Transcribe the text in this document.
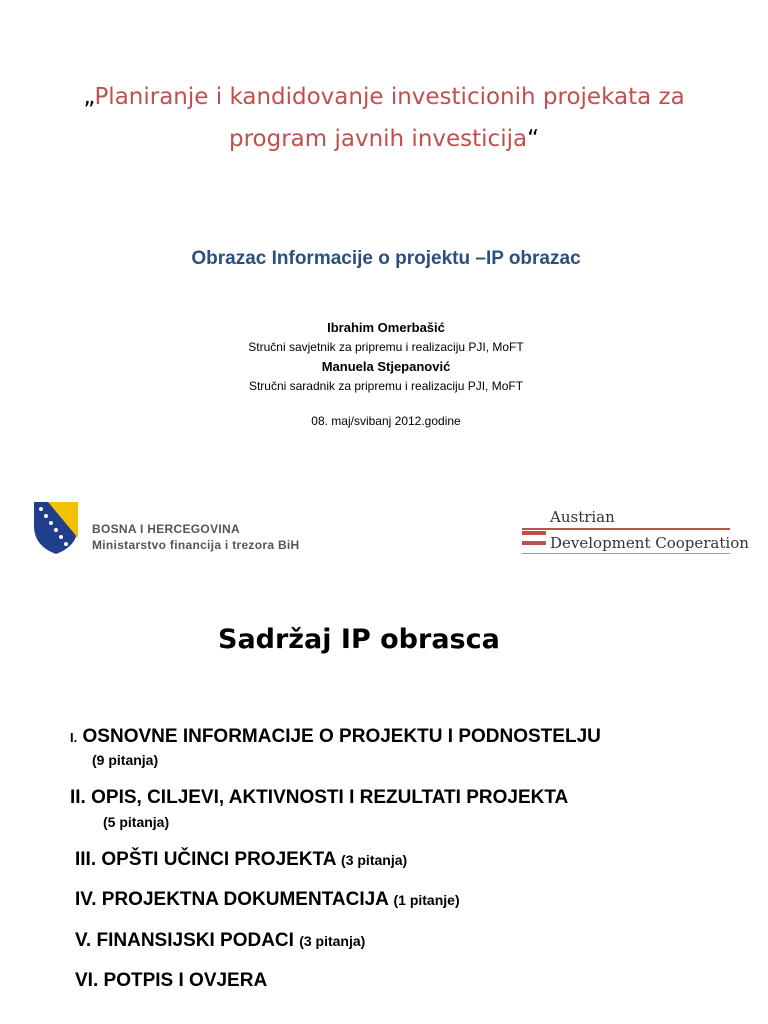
„Planiranje i kandidovanje investicionih projekata za
program javnih investicija“
Obrazac Informacije o projektu –IP obrazac
Ibrahim Omerbašić
Stručni savjetnik za pripremu i realizaciju PJI, MoFT
Manuela Stjepanović
Stručni saradnik za pripremu i realizaciju PJI, MoFT
08. maj/svibanj 2012.godine
BOSNA I HERCEGOVINA
Ministarstvo financija i trezora BiH
Austrian
Development Cooperation
Sadržaj IP obrasca
I. OSNOVNE INFORMACIJE O PROJEKTU I PODNOSTELJU
(9 pitanja)
II. OPIS, CILJEVI, AKTIVNOSTI I REZULTATI PROJEKTA
(5 pitanja)
III. OPŠTI UČINCI PROJEKTA (3 pitanja)
IV. PROJEKTNA DOKUMENTACIJA (1 pitanje)
V. FINANSIJSKI PODACI (3 pitanja)
VI. POTPIS I OVJERA
